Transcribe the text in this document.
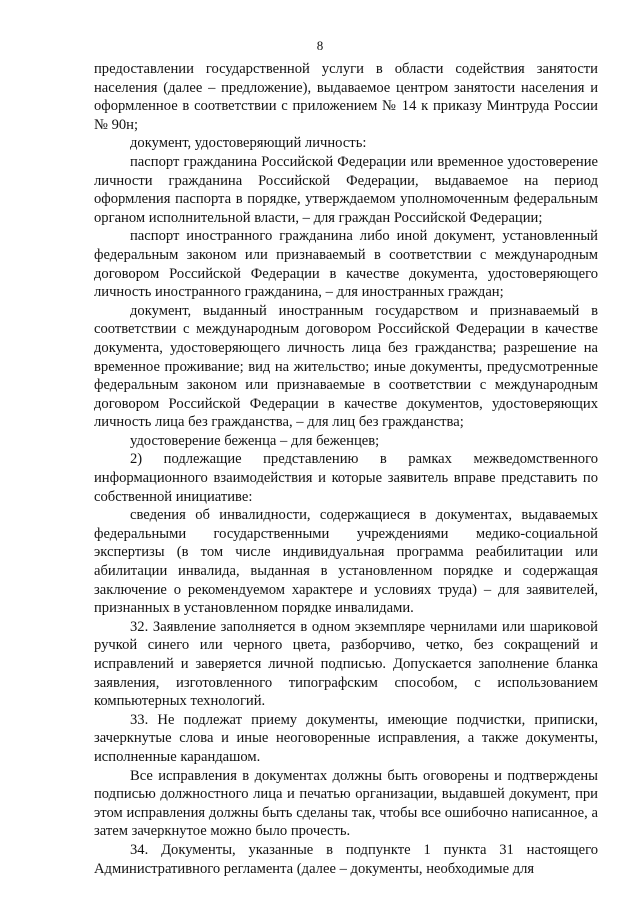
8

предоставлении государственной услуги в области содействия занятости населения (далее – предложение), выдаваемое центром занятости населения и оформленное в соответствии с приложением № 14 к приказу Минтруда России № 90н;

документ, удостоверяющий личность:

паспорт гражданина Российской Федерации или временное удостоверение личности гражданина Российской Федерации, выдаваемое на период оформления паспорта в порядке, утверждаемом уполномоченным федеральным органом исполнительной власти, – для граждан Российской Федерации;

паспорт иностранного гражданина либо иной документ, установленный федеральным законом или признаваемый в соответствии с международным договором Российской Федерации в качестве документа, удостоверяющего личность иностранного гражданина, – для иностранных граждан;

документ, выданный иностранным государством и признаваемый в соответствии с международным договором Российской Федерации в качестве документа, удостоверяющего личность лица без гражданства; разрешение на временное проживание; вид на жительство; иные документы, предусмотренные федеральным законом или признаваемые в соответствии с международным договором Российской Федерации в качестве документов, удостоверяющих личность лица без гражданства, – для лиц без гражданства;

удостоверение беженца – для беженцев;

2) подлежащие представлению в рамках межведомственного информационного взаимодействия и которые заявитель вправе представить по собственной инициативе:

сведения об инвалидности, содержащиеся в документах, выдаваемых федеральными государственными учреждениями медико-социальной экспертизы (в том числе индивидуальная программа реабилитации или абилитации инвалида, выданная в установленном порядке и содержащая заключение о рекомендуемом характере и условиях труда) – для заявителей, признанных в установленном порядке инвалидами.

32. Заявление заполняется в одном экземпляре чернилами или шариковой ручкой синего или черного цвета, разборчиво, четко, без сокращений и исправлений и заверяется личной подписью. Допускается заполнение бланка заявления, изготовленного типографским способом, с использованием компьютерных технологий.

33. Не подлежат приему документы, имеющие подчистки, приписки, зачеркнутые слова и иные неоговоренные исправления, а также документы, исполненные карандашом.

Все исправления в документах должны быть оговорены и подтверждены подписью должностного лица и печатью организации, выдавшей документ, при этом исправления должны быть сделаны так, чтобы все ошибочно написанное, а затем зачеркнутое можно было прочесть.

34. Документы, указанные в подпункте 1 пункта 31 настоящего Административного регламента (далее – документы, необходимые для
